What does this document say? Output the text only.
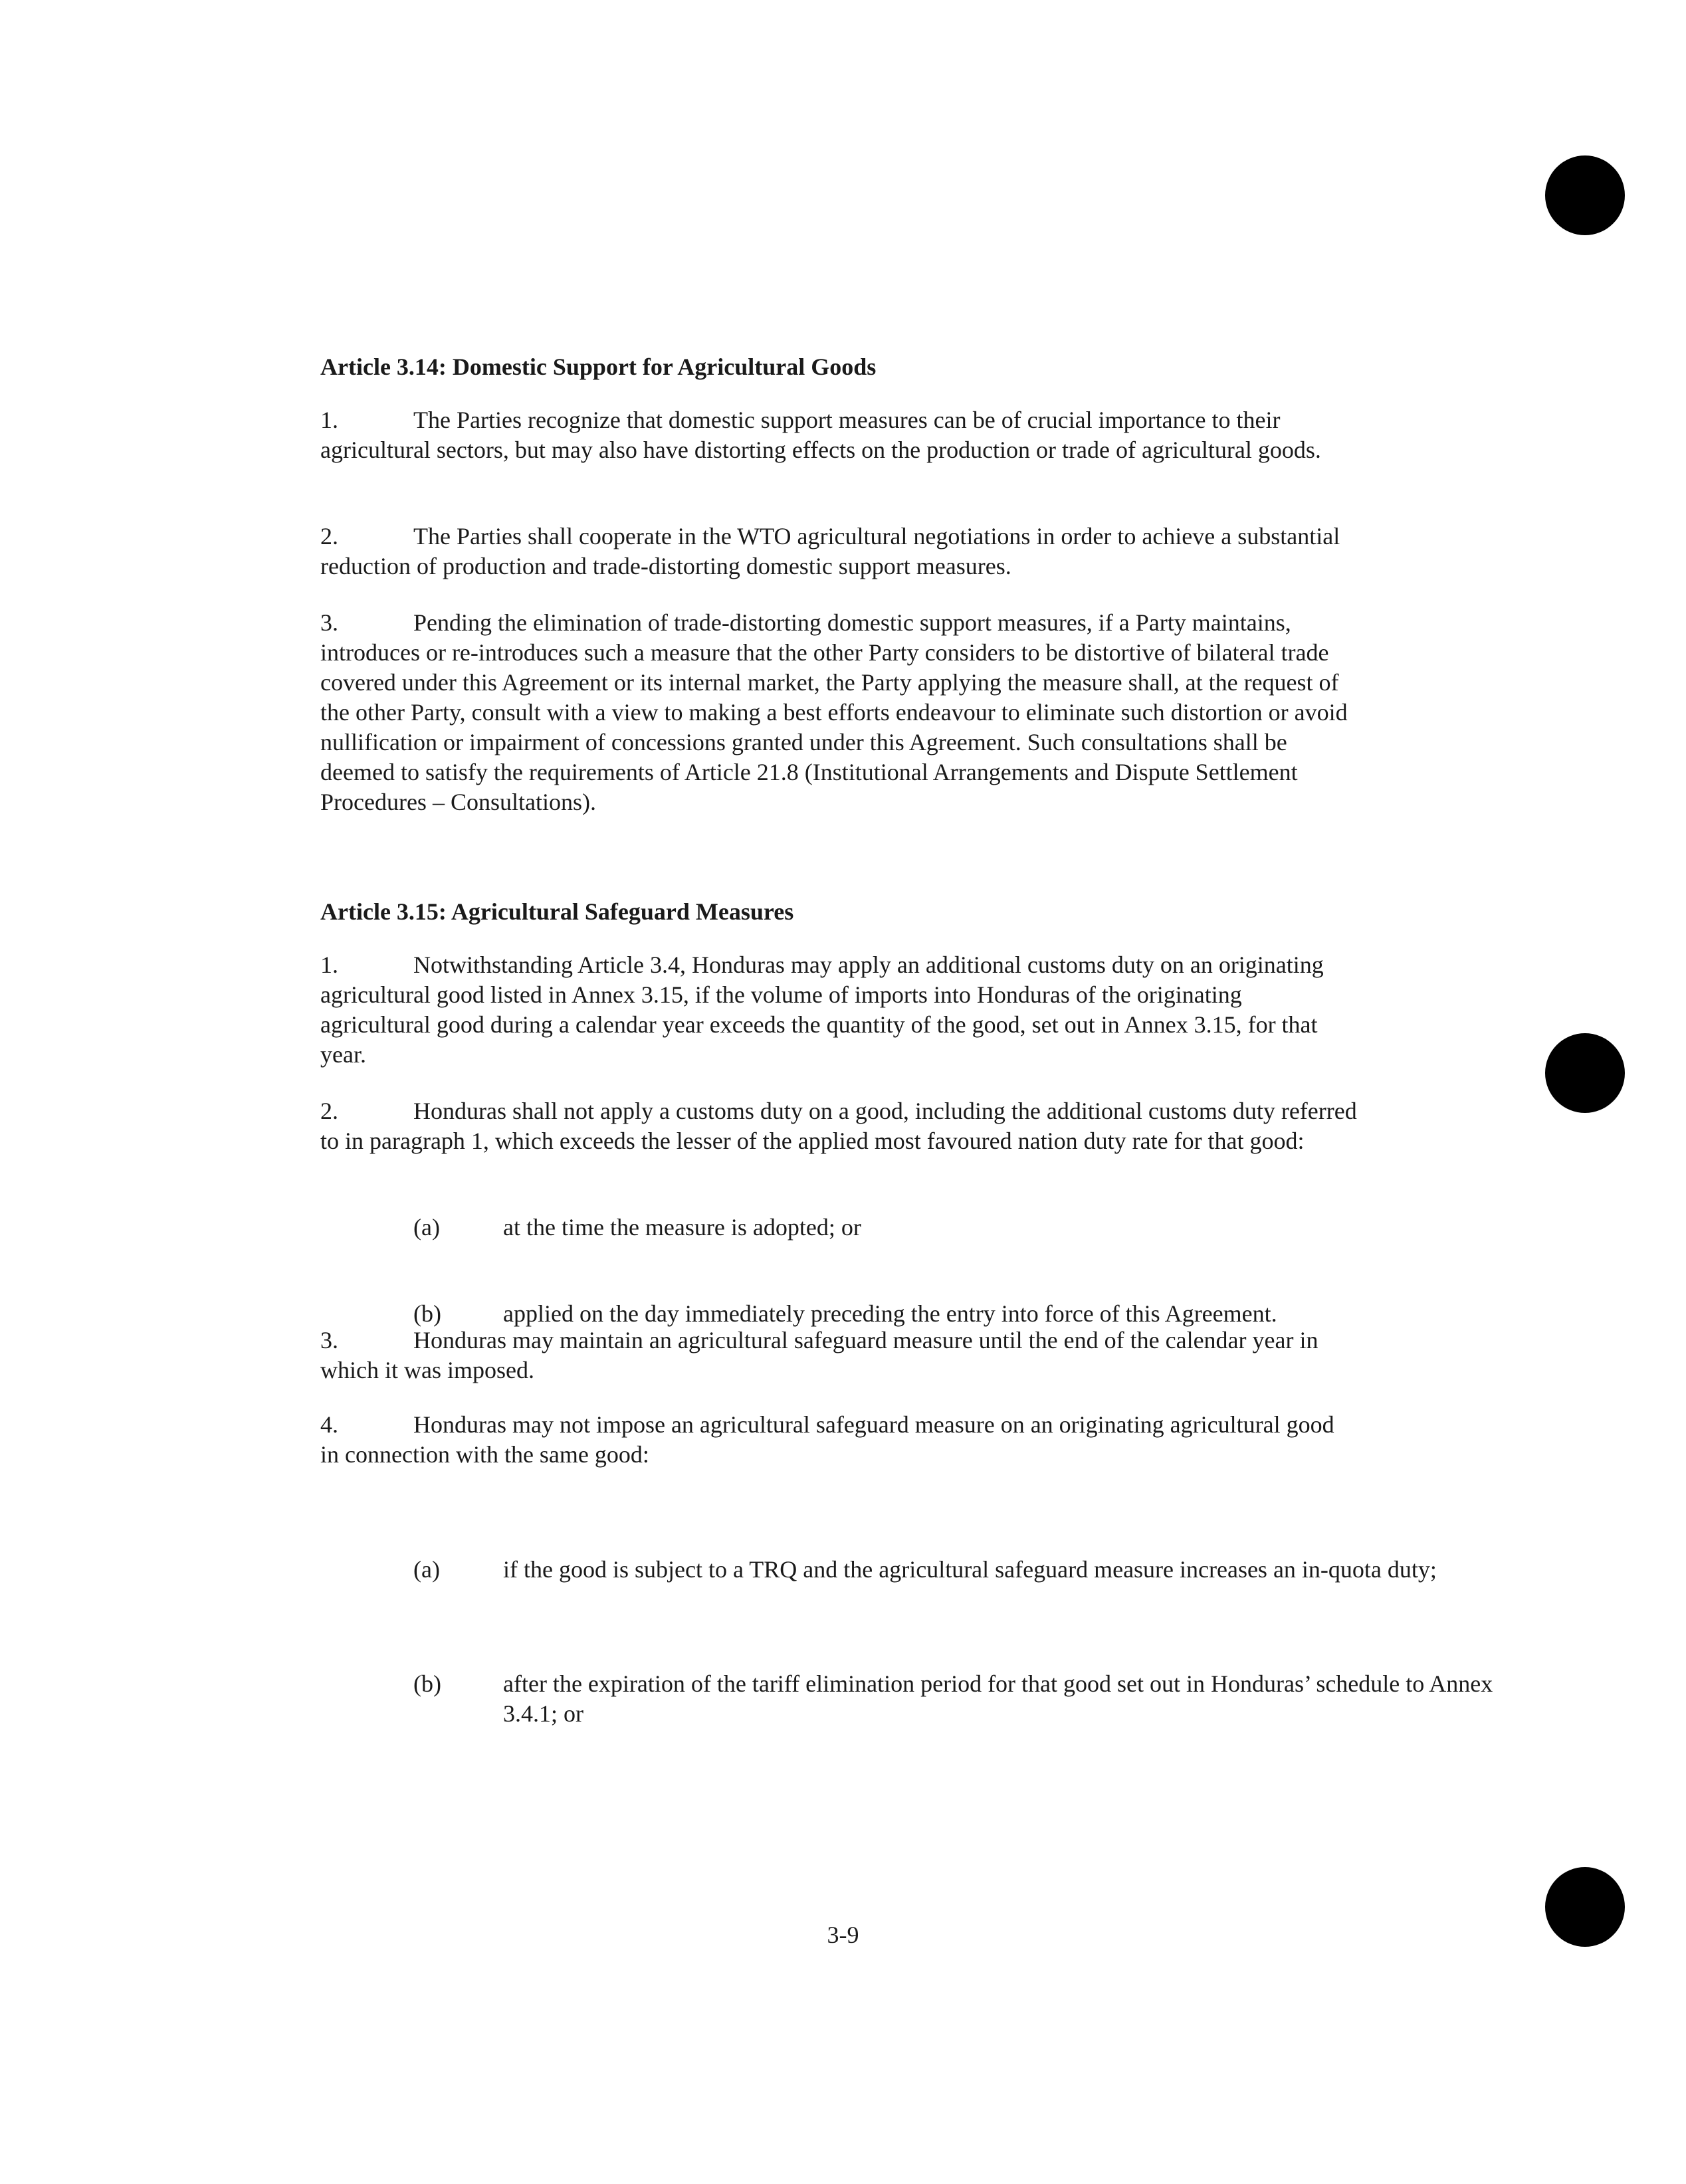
Article 3.14: Domestic Support for Agricultural Goods

1.	The Parties recognize that domestic support measures can be of crucial importance to their agricultural sectors, but may also have distorting effects on the production or trade of agricultural goods.

2.	The Parties shall cooperate in the WTO agricultural negotiations in order to achieve a substantial reduction of production and trade-distorting domestic support measures.

3.	Pending the elimination of trade-distorting domestic support measures, if a Party maintains, introduces or re-introduces such a measure that the other Party considers to be distortive of bilateral trade covered under this Agreement or its internal market, the Party applying the measure shall, at the request of the other Party, consult with a view to making a best efforts endeavour to eliminate such distortion or avoid nullification or impairment of concessions granted under this Agreement. Such consultations shall be deemed to satisfy the requirements of Article 21.8 (Institutional Arrangements and Dispute Settlement Procedures – Consultations).

Article 3.15: Agricultural Safeguard Measures

1.	Notwithstanding Article 3.4, Honduras may apply an additional customs duty on an originating agricultural good listed in Annex 3.15, if the volume of imports into Honduras of the originating agricultural good during a calendar year exceeds the quantity of the good, set out in Annex 3.15, for that year.

2.	Honduras shall not apply a customs duty on a good, including the additional customs duty referred to in paragraph 1, which exceeds the lesser of the applied most favoured nation duty rate for that good:

(a)	at the time the measure is adopted; or

(b)	applied on the day immediately preceding the entry into force of this Agreement.

3.	Honduras may maintain an agricultural safeguard measure until the end of the calendar year in which it was imposed.

4.	Honduras may not impose an agricultural safeguard measure on an originating agricultural good in connection with the same good:

(a)	if the good is subject to a TRQ and the agricultural safeguard measure increases an in-quota duty;

(b)	after the expiration of the tariff elimination period for that good set out in Honduras’ schedule to Annex 3.4.1; or

3-9
